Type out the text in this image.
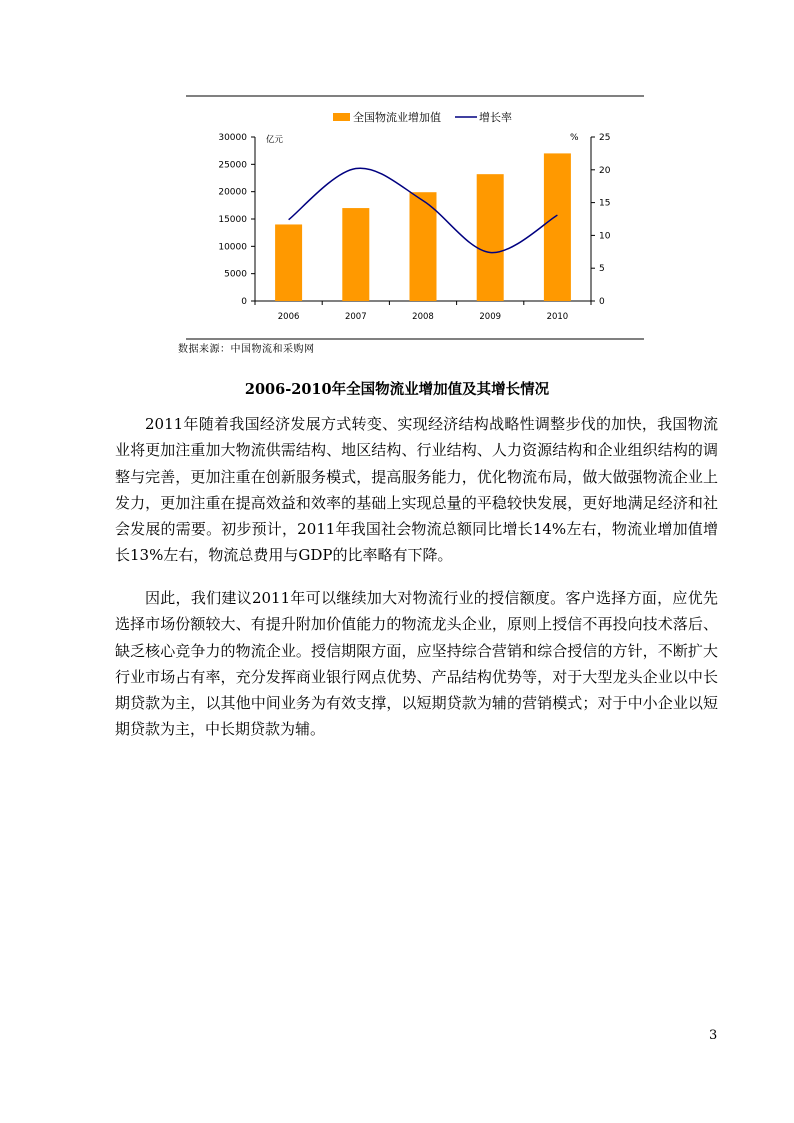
全国物流业增加值	增长率
亿元	%
0
5000
10000
15000
20000
25000
30000
0
5
10
15
20
25
2006	2007	2008	2009	2010
数据来源：中国物流和采购网
2006-2010年全国物流业增加值及其增长情况

2011年随着我国经济发展方式转变、实现经济结构战略性调整步伐的加快，我国物流业将更加注重加大物流供需结构、地区结构、行业结构、人力资源结构和企业组织结构的调整与完善，更加注重在创新服务模式，提高服务能力，优化物流布局，做大做强物流企业上发力，更加注重在提高效益和效率的基础上实现总量的平稳较快发展，更好地满足经济和社会发展的需要。初步预计，2011年我国社会物流总额同比增长14%左右，物流业增加值增长13%左右，物流总费用与GDP的比率略有下降。

因此，我们建议2011年可以继续加大对物流行业的授信额度。客户选择方面，应优先选择市场份额较大、有提升附加价值能力的物流龙头企业，原则上授信不再投向技术落后、缺乏核心竞争力的物流企业。授信期限方面，应坚持综合营销和综合授信的方针，不断扩大行业市场占有率，充分发挥商业银行网点优势、产品结构优势等，对于大型龙头企业以中长期贷款为主，以其他中间业务为有效支撑，以短期贷款为辅的营销模式；对于中小企业以短期贷款为主，中长期贷款为辅。

3
